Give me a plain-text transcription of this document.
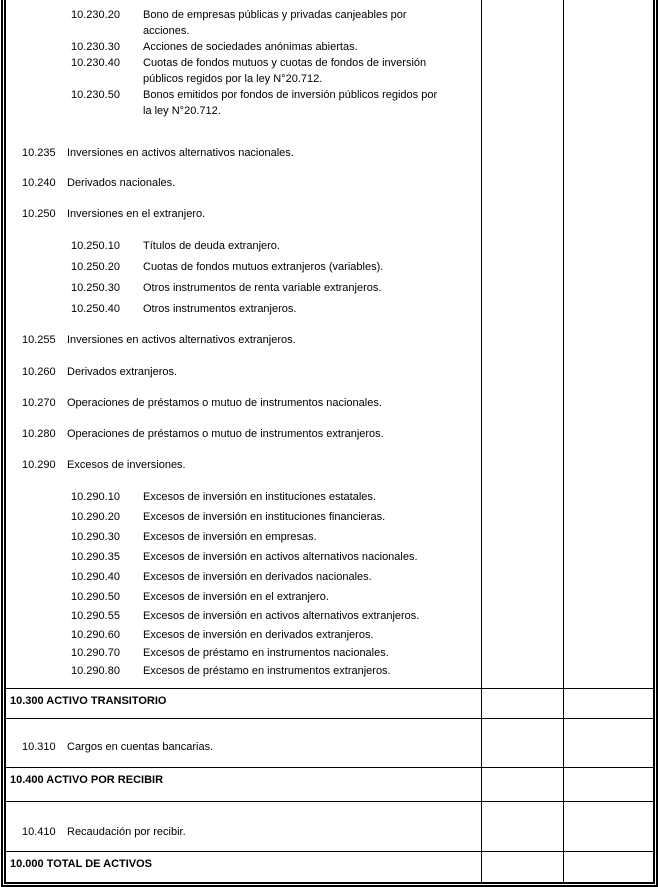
10.230.20	Bono de empresas públicas y privadas canjeables por
acciones.
10.230.30	Acciones de sociedades anónimas abiertas.
10.230.40	Cuotas de fondos mutuos y cuotas de fondos de inversión
públicos regidos por la ley N°20.712.
10.230.50	Bonos emitidos por fondos de inversión públicos regidos por
la ley N°20.712.
10.235	Inversiones en activos alternativos nacionales.
10.240	Derivados nacionales.
10.250	Inversiones en el extranjero.
10.250.10	Títulos de deuda extranjero.
10.250.20	Cuotas de fondos mutuos extranjeros (variables).
10.250.30	Otros instrumentos de renta variable extranjeros.
10.250.40	Otros instrumentos extranjeros.
10.255	Inversiones en activos alternativos extranjeros.
10.260	Derivados extranjeros.
10.270	Operaciones de préstamos o mutuo de instrumentos nacionales.
10.280	Operaciones de préstamos o mutuo de instrumentos extranjeros.
10.290	Excesos de inversiones.
10.290.10	Excesos de inversión en instituciones estatales.
10.290.20	Excesos de inversión en instituciones financieras.
10.290.30	Excesos de inversión en empresas.
10.290.35	Excesos de inversión en activos alternativos nacionales.
10.290.40	Excesos de inversión en derivados nacionales.
10.290.50	Excesos de inversión en el extranjero.
10.290.55	Excesos de inversión en activos alternativos extranjeros.
10.290.60	Excesos de inversión en derivados extranjeros.
10.290.70	Excesos de préstamo en instrumentos nacionales.
10.290.80	Excesos de préstamo en instrumentos extranjeros.
10.300 ACTIVO TRANSITORIO
10.310	Cargos en cuentas bancarias.
10.400 ACTIVO POR RECIBIR
10.410	Recaudación por recibir.
10.000 TOTAL DE ACTIVOS
